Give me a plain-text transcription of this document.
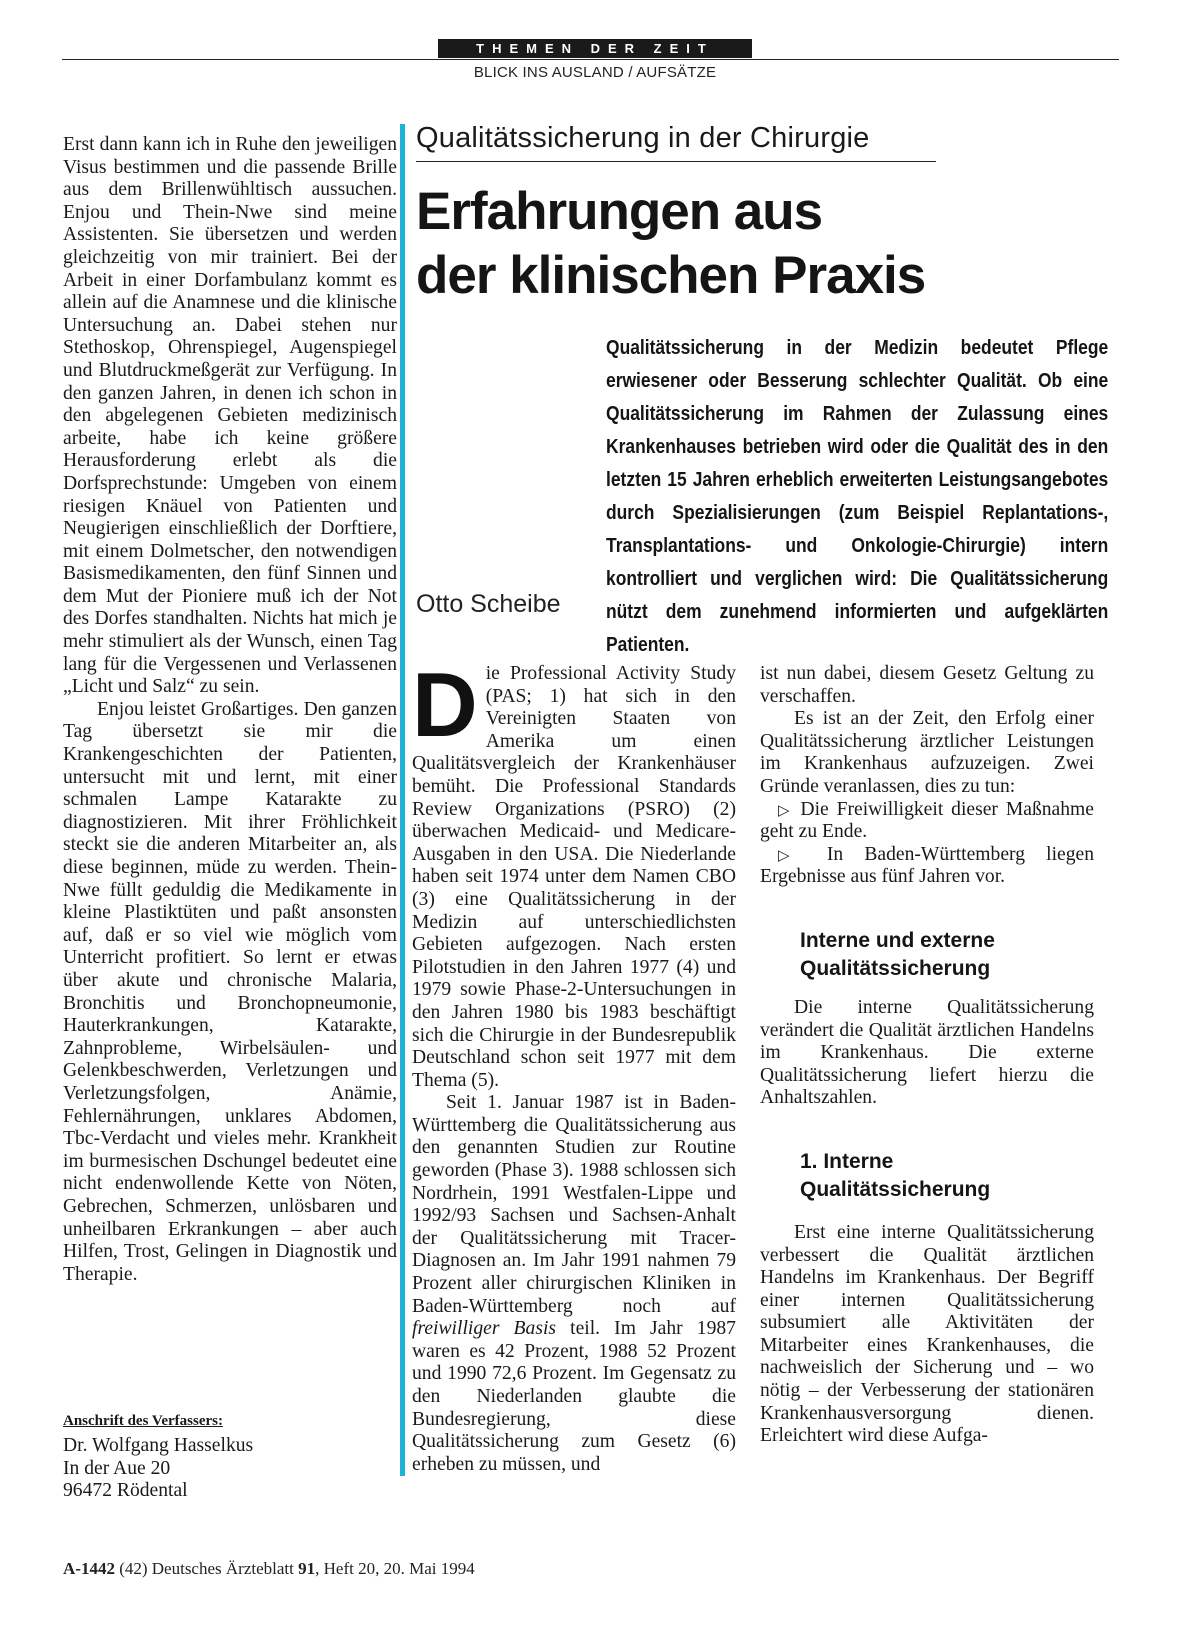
THEMEN DER ZEIT
BLICK INS AUSLAND / AUFSÄTZE

Erst dann kann ich in Ruhe den jeweiligen Visus bestimmen und die passende Brille aus dem Brillenwühltisch aussuchen. Enjou und Thein-Nwe sind meine Assistenten. Sie übersetzen und werden gleichzeitig von mir trainiert. Bei der Arbeit in einer Dorfambulanz kommt es allein auf die Anamnese und die klinische Untersuchung an. Dabei stehen nur Stethoskop, Ohrenspiegel, Augenspiegel und Blutdruckmeßgerät zur Verfügung. In den ganzen Jahren, in denen ich schon in den abgelegenen Gebieten medizinisch arbeite, habe ich keine größere Herausforderung erlebt als die Dorfsprechstunde: Umgeben von einem riesigen Knäuel von Patienten und Neugierigen einschließlich der Dorftiere, mit einem Dolmetscher, den notwendigen Basismedikamenten, den fünf Sinnen und dem Mut der Pioniere muß ich der Not des Dorfes standhalten. Nichts hat mich je mehr stimuliert als der Wunsch, einen Tag lang für die Vergessenen und Verlassenen „Licht und Salz“ zu sein.

Enjou leistet Großartiges. Den ganzen Tag übersetzt sie mir die Krankengeschichten der Patienten, untersucht mit und lernt, mit einer schmalen Lampe Katarakte zu diagnostizieren. Mit ihrer Fröhlichkeit steckt sie die anderen Mitarbeiter an, als diese beginnen, müde zu werden. Thein-Nwe füllt geduldig die Medikamente in kleine Plastiktüten und paßt ansonsten auf, daß er so viel wie möglich vom Unterricht profitiert. So lernt er etwas über akute und chronische Malaria, Bronchitis und Bronchopneumonie, Hauterkrankungen, Katarakte, Zahnprobleme, Wirbelsäulen- und Gelenkbeschwerden, Verletzungen und Verletzungsfolgen, Anämie, Fehlernährungen, unklares Abdomen, Tbc-Verdacht und vieles mehr. Krankheit im burmesischen Dschungel bedeutet eine nicht endenwollende Kette von Nöten, Gebrechen, Schmerzen, unlösbaren und unheilbaren Erkrankungen – aber auch Hilfen, Trost, Gelingen in Diagnostik und Therapie.

Anschrift des Verfassers:
Dr. Wolfgang Hasselkus
In der Aue 20
96472 Rödental
Qualitätssicherung in der Chirurgie
Erfahrungen aus
der klinischen Praxis
Qualitätssicherung in der Medizin bedeutet Pflege erwiesener oder Besserung schlechter Qualität. Ob eine Qualitätssicherung im Rahmen der Zulassung eines Krankenhauses betrieben wird oder die Qualität des in den letzten 15 Jahren erheblich erweiterten Leistungsangebotes durch Spezialisierungen (zum Beispiel Replantations-, Transplantations- und Onkologie-Chirurgie) intern kontrolliert und verglichen wird: Die Qualitätssicherung nützt dem zunehmend informierten und aufgeklärten Patienten.
Otto Scheibe

Die Professional Activity Study (PAS; 1) hat sich in den Vereinigten Staaten von Amerika um einen Qualitätsvergleich der Krankenhäuser bemüht. Die Professional Standards Review Organizations (PSRO) (2) überwachen Medicaid- und Medicare-Ausgaben in den USA. Die Niederlande haben seit 1974 unter dem Namen CBO (3) eine Qualitätssicherung in der Medizin auf unterschiedlichsten Gebieten aufgezogen. Nach ersten Pilotstudien in den Jahren 1977 (4) und 1979 sowie Phase-2-Untersuchungen in den Jahren 1980 bis 1983 beschäftigt sich die Chirurgie in der Bundesrepublik Deutschland schon seit 1977 mit dem Thema (5).

Seit 1. Januar 1987 ist in Baden-Württemberg die Qualitätssicherung aus den genannten Studien zur Routine geworden (Phase 3). 1988 schlossen sich Nordrhein, 1991 Westfalen-Lippe und 1992/93 Sachsen und Sachsen-Anhalt der Qualitätssicherung mit Tracer-Diagnosen an. Im Jahr 1991 nahmen 79 Prozent aller chirurgischen Kliniken in Baden-Württemberg noch auf freiwilliger Basis teil. Im Jahr 1987 waren es 42 Prozent, 1988 52 Prozent und 1990 72,6 Prozent. Im Gegensatz zu den Niederlanden glaubte die Bundesregierung, diese Qualitätssicherung zum Gesetz (6) erheben zu müssen, und

ist nun dabei, diesem Gesetz Geltung zu verschaffen.

Es ist an der Zeit, den Erfolg einer Qualitätssicherung ärztlicher Leistungen im Krankenhaus aufzuzeigen. Zwei Gründe veranlassen, dies zu tun:

▷ Die Freiwilligkeit dieser Maßnahme geht zu Ende.

▷ In Baden-Württemberg liegen Ergebnisse aus fünf Jahren vor.

Interne und externe
Qualitätssicherung

Die interne Qualitätssicherung verändert die Qualität ärztlichen Handelns im Krankenhaus. Die externe Qualitätssicherung liefert hierzu die Anhaltszahlen.

1. Interne
Qualitätssicherung

Erst eine interne Qualitätssicherung verbessert die Qualität ärztlichen Handelns im Krankenhaus. Der Begriff einer internen Qualitätssicherung subsumiert alle Aktivitäten der Mitarbeiter eines Krankenhauses, die nachweislich der Sicherung und – wo nötig – der Verbesserung der stationären Krankenhausversorgung dienen. Erleichtert wird diese Aufga-

A-1442 (42) Deutsches Ärzteblatt 91, Heft 20, 20. Mai 1994
